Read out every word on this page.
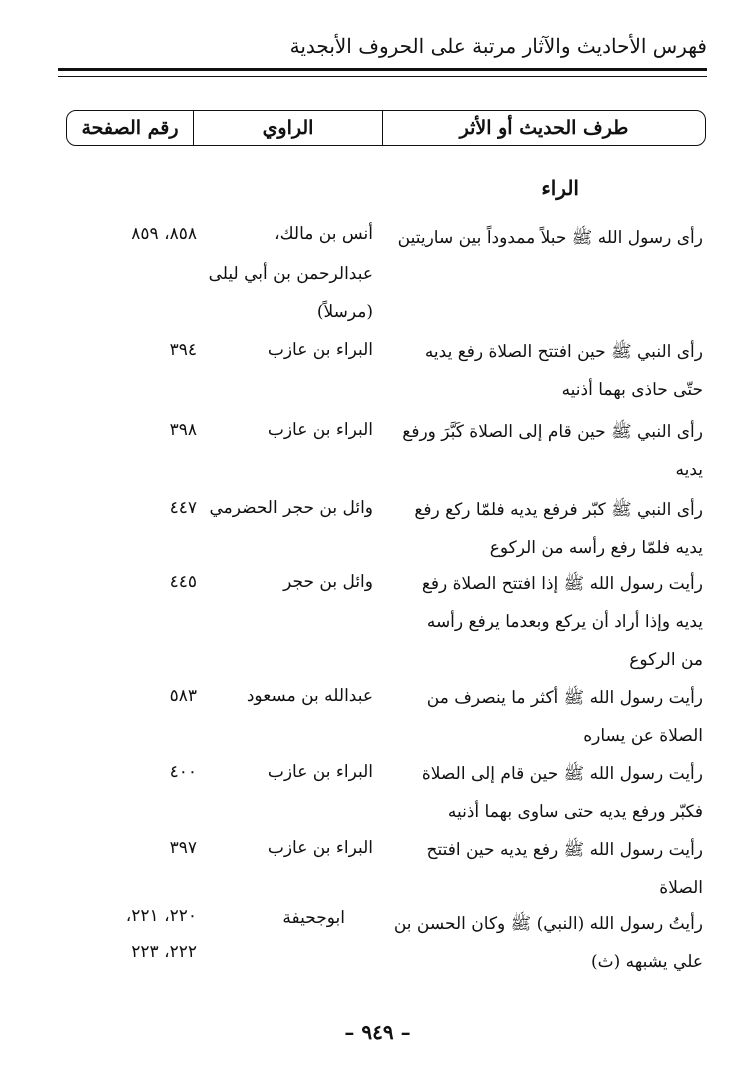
فهرس الأحاديث والآثار مرتبة على الحروف الأبجدية
طرف الحديث أو الأثر
الراوي
رقم الصفحة
الراء
رأى رسول الله ﷺ حبلاً ممدوداً بين ساريتين
أنس بن مالك،
عبدالرحمن بن أبي ليلى
(مرسلاً)
٨٥٨، ٨٥٩
رأى النبي ﷺ حين افتتح الصلاة رفع يديه
حتّى حاذى بهما أذنيه
البراء بن عازب
٣٩٤
رأى النبي ﷺ حين قام إلى الصلاة كَبَّرَ ورفع
يديه
البراء بن عازب
٣٩٨
رأى النبي ﷺ كبّر فرفع يديه فلمّا ركع رفع
يديه فلمّا رفع رأسه من الركوع
وائل بن حجر الحضرمي
٤٤٧
رأيت رسول الله ﷺ إذا افتتح الصلاة رفع
يديه وإذا أراد أن يركع وبعدما يرفع رأسه
من الركوع
وائل بن حجر
٤٤٥
رأيت رسول الله ﷺ أكثر ما ينصرف من
الصلاة عن يساره
عبدالله بن مسعود
٥٨٣
رأيت رسول الله ﷺ حين قام إلى الصلاة
فكبّر ورفع يديه حتى ساوى بهما أذنيه
البراء بن عازب
٤٠٠
رأيت رسول الله ﷺ رفع يديه حين افتتح
الصلاة
البراء بن عازب
٣٩٧
رأيتُ رسول الله (النبي) ﷺ وكان الحسن بن
علي يشبهه (ث)
ابوجحيفة
٢٢٠، ٢٢١،
٢٢٢، ٢٢٣
– ٩٤٩ –
